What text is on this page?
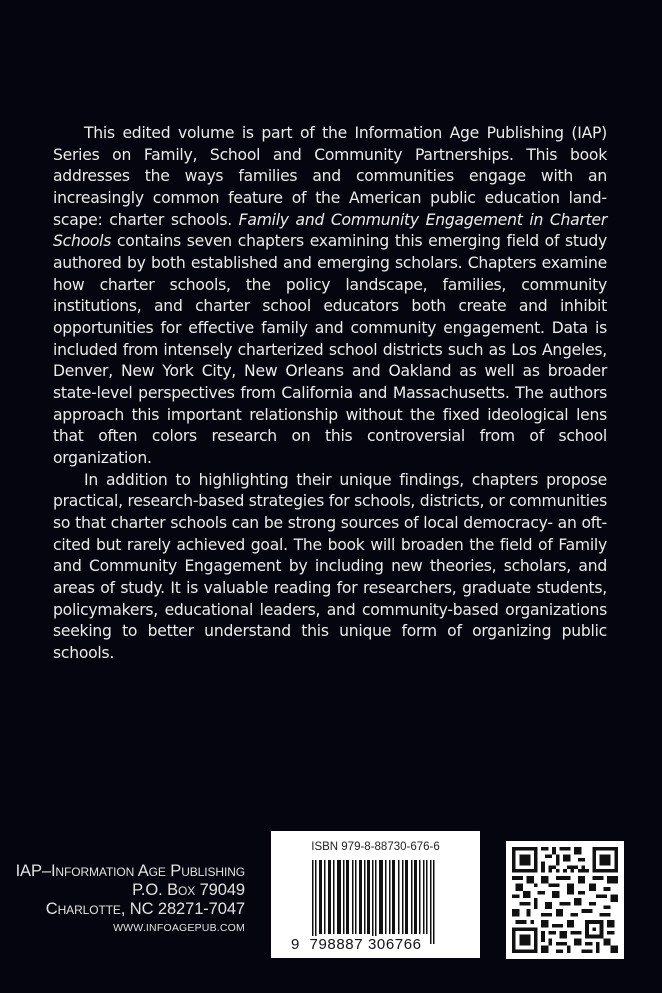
This edited volume is part of the Information Age Publishing (IAP) Series on Family, School and Community Partnerships. This book addresses the ways families and communities engage with an increasingly common feature of the American public education landscape: charter schools. Family and Community Engagement in Charter Schools contains seven chapters examining this emerging field of study authored by both established and emerging scholars. Chapters examine how charter schools, the policy landscape, families, community institutions, and charter school educators both create and inhibit opportunities for effective family and community engagement. Data is included from intensely charterized school districts such as Los Angeles, Denver, New York City, New Orleans and Oakland as well as broader state-level perspectives from California and Massachusetts. The authors approach this important relationship without the fixed ideological lens that often colors research on this controversial from of school organization.

In addition to highlighting their unique findings, chapters propose practical, research-based strategies for schools, districts, or communities so that charter schools can be strong sources of local democracy- an oft-cited but rarely achieved goal. The book will broaden the field of Family and Community Engagement by including new theories, scholars, and areas of study. It is valuable reading for researchers, graduate students, policymakers, educational leaders, and community-based organizations seeking to better understand this unique form of organizing public schools.

IAP–Information Age Publishing
P.O. Box 79049
Charlotte, NC 28271-7047
WWW.INFOAGEPUB.COM
ISBN 979-8-88730-676-6
9 798887 306766
